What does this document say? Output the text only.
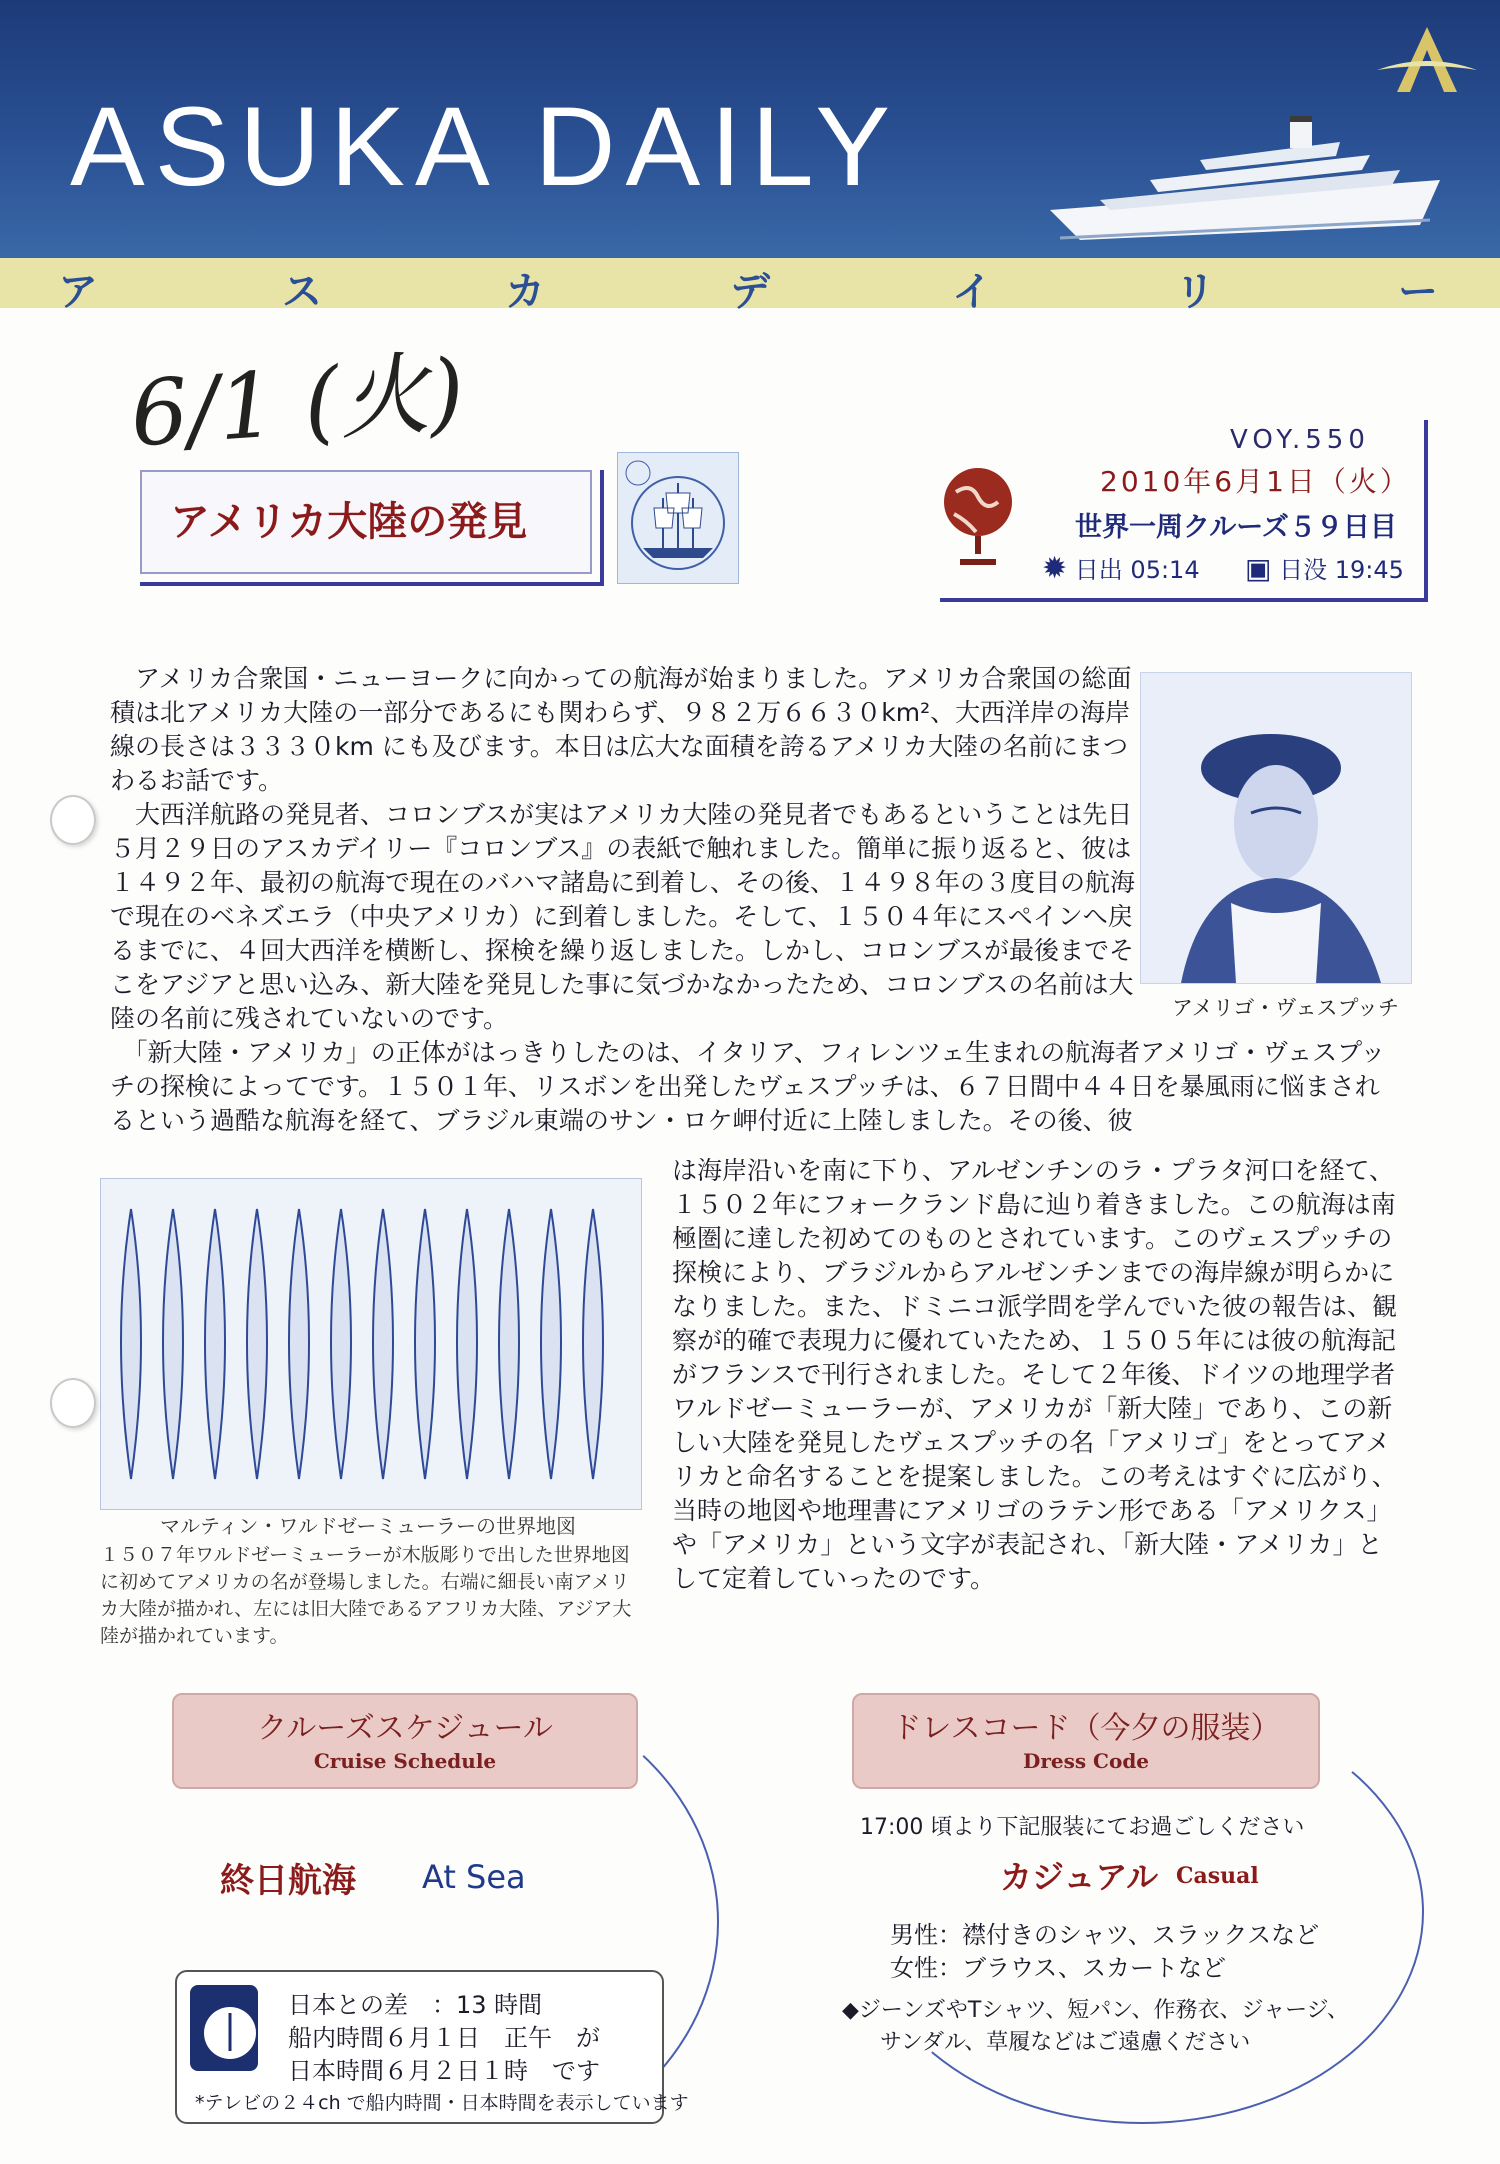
ASUKA DAILY
ア	ス	カ	デ	イ	リ	ー
6/1 (火)
アメリカ大陸の発見
VOY.550
2010年6月1日（火）
世界一周クルーズ５９日目
✹ 日出 05:14 ▣ 日没 19:45
　アメリカ合衆国・ニューヨークに向かっての航海が始まりました。アメリカ合衆国の総面積は北アメリカ大陸の一部分であるにも関わらず、９８２万６６３０km²、大西洋岸の海岸線の長さは３３３０km にも及びます。本日は広大な面積を誇るアメリカ大陸の名前にまつわるお話です。
　大西洋航路の発見者、コロンブスが実はアメリカ大陸の発見者でもあるということは先日５月２９日のアスカデイリー『コロンブス』の表紙で触れました。簡単に振り返ると、彼は１４９２年、最初の航海で現在のバハマ諸島に到着し、その後、１４９８年の３度目の航海で現在のベネズエラ（中央アメリカ）に到着しました。そして、１５０４年にスペインへ戻るまでに、４回大西洋を横断し、探検を繰り返しました。しかし、コロンブスが最後までそこをアジアと思い込み、新大陸を発見した事に気づかなかったため、コロンブスの名前は大陸の名前に残されていないのです。
　「新大陸・アメリカ」の正体がはっきりしたのは、イタリア、フィレンツェ生まれの航海者アメリゴ・ヴェスプッチの探検によってです。１５０１年、リスボンを出発したヴェスプッチは、６７日間中４４日を暴風雨に悩まされるという過酷な航海を経て、ブラジル東端のサン・ロケ岬付近に上陸しました。その後、彼
は海岸沿いを南に下り、アルゼンチンのラ・プラタ河口を経て、１５０２年にフォークランド島に辿り着きました。この航海は南極圏に達した初めてのものとされています。このヴェスプッチの探検により、ブラジルからアルゼンチンまでの海岸線が明らかになりました。また、ドミニコ派学問を学んでいた彼の報告は、観察が的確で表現力に優れていたため、１５０５年には彼の航海記がフランスで刊行されました。そして２年後、ドイツの地理学者ワルドゼーミューラーが、アメリカが「新大陸」であり、この新しい大陸を発見したヴェスプッチの名「アメリゴ」をとってアメリカと命名することを提案しました。この考えはすぐに広がり、当時の地図や地理書にアメリゴのラテン形である「アメリクス」や「アメリカ」という文字が表記され、「新大陸・アメリカ」として定着していったのです。
アメリゴ・ヴェスプッチ
マルティン・ワルドゼーミューラーの世界地図
１５０７年ワルドゼーミューラーが木版彫りで出した世界地図に初めてアメリカの名が登場しました。右端に細長い南アメリカ大陸が描かれ、左には旧大陸であるアフリカ大陸、アジア大陸が描かれています。
クルーズスケジュール
Cruise Schedule
終日航海 At Sea
日本との差　：13 時間
船内時間６月１日　正午　が
日本時間６月２日１時　です
*テレビの２４ch で船内時間・日本時間を表示しています
ドレスコード（今夕の服装）
Dress Code
17:00 頃より下記服装にてお過ごしください
カジュアル Casual
男性：襟付きのシャツ、スラックスなど
女性：ブラウス、スカートなど
◆ジーンズやTシャツ、短パン、作務衣、ジャージ、
サンダル、草履などはご遠慮ください
